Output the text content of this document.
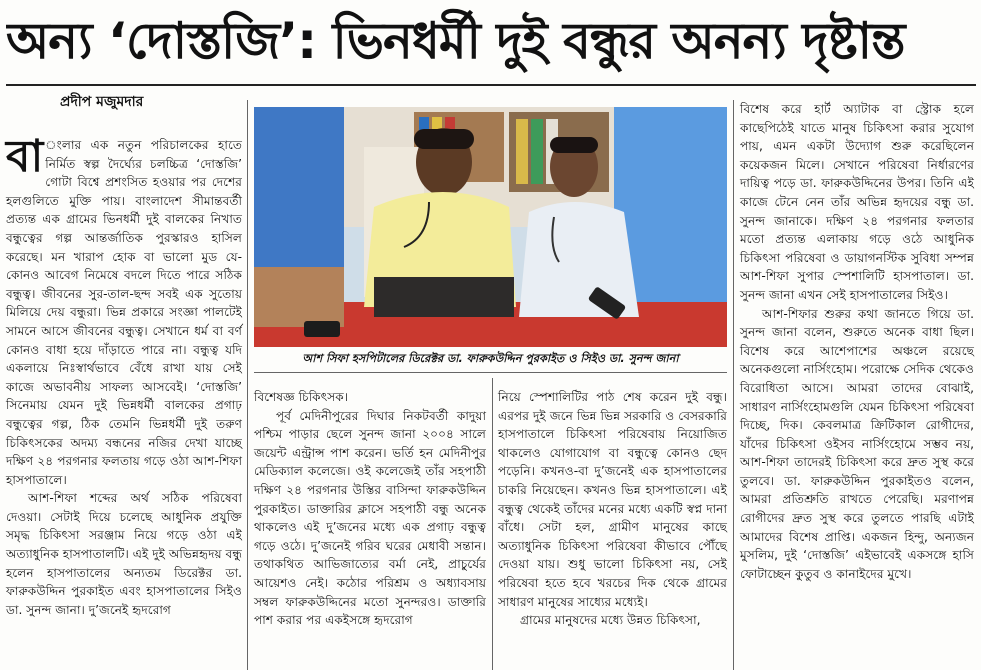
অন্য ‘দোস্তজি’: ভিনধর্মী দুই বন্ধুর অনন্য দৃষ্টান্ত
প্রদীপ মজুমদার
বা ংলার এক নতুন পরিচালকের হাতে নির্মিত স্বল্প দৈর্ঘ্যের চলচ্চিত্র ‘দোস্তজি’ গোটা বিশ্বে প্রশংসিত হওয়ার পর দেশের হলগুলিতে মুক্তি পায়। বাংলাদেশ সীমান্তবর্তী প্রত্যন্ত এক গ্রামের ভিনধর্মী দুই বালকের নিখাত বন্ধুত্বের গল্প আন্তর্জাতিক পুরস্কারও হাসিল করেছে। মন খারাপ হোক বা ভালো মুড যে-কোনও আবেগ নিমেষে বদলে দিতে পারে সঠিক বন্ধুত্ব। জীবনের সুর-তাল-ছন্দ সবই এক সুতোয় মিলিয়ে দেয় বন্ধুরা। ভিন্ন প্রকারে সংজ্ঞা পালটেই সামনে আসে জীবনের বন্ধুত্ব। সেখানে ধর্ম বা বর্ণ কোনও বাধা হয়ে দাঁড়াতে পারে না। বন্ধুত্ব যদি একলায়ে নিঃস্বার্থভাবে বেঁধে রাখা যায় সেই কাজে অভাবনীয় সাফল্য আসবেই। ‘দোস্তজি’ সিনেমায় যেমন দুই ভিন্নধর্মী বালকের প্রগাঢ় বন্ধুত্বের গল্প, ঠিক তেমনি ভিন্নধর্মী দুই তরুণ চিকিৎসকের অদম্য বন্ধনের নজির দেখা যাচ্ছে দক্ষিণ ২৪ পরগনার ফলতায় গড়ে ওঠা আশ-শিফা হাসপাতালে।

আশ-শিফা শব্দের অর্থ সঠিক পরিষেবা দেওয়া। সেটাই দিয়ে চলেছে আধুনিক প্রযুক্তি সমৃদ্ধ চিকিৎসা সরঞ্জাম নিয়ে গড়ে ওঠা এই অত্যাধুনিক হাসপাতালটি। এই দুই অভিন্নহৃদয় বন্ধু হলেন হাসপাতালের অন্যতম ডিরেক্টর ডা. ফারুকউদ্দিন পুরকাইত এবং হাসপাতালের সিইও ডা. সুনন্দ জানা। দু’জনেই হৃদরোগ

আশ সিফা হসপিটালের ডিরেক্টর ডা. ফারুকউদ্দিন পুরকাইত ও সিইও ডা. সুনন্দ জানা

বিশেষজ্ঞ চিকিৎসক।

পূর্ব মেদিনীপুরের দিঘার নিকটবর্তী কাদুয়া পশ্চিম পাড়ার ছেলে সুনন্দ জানা ২০০৪ সালে জয়েন্ট এন্ট্রান্স পাশ করেন। ভর্তি হন মেদিনীপুর মেডিক্যাল কলেজে। ওই কলেজেই তাঁর সহপাঠী দক্ষিণ ২৪ পরগনার উস্তির বাসিন্দা ফারুকউদ্দিন পুরকাইত। ডাক্তারির ক্লাসে সহপাঠী বন্ধু অনেক থাকলেও এই দু’জনের মধ্যে এক প্রগাঢ় বন্ধুত্ব গড়ে ওঠে। দু’জনেই গরিব ঘরের মেধাবী সন্তান। তথাকথিত আভিজাত্যের বর্মা নেই, প্রাচুর্যের আয়েশও নেই। কঠোর পরিশ্রম ও অধ্যাবসায় সম্বল ফারুকউদ্দিনের মতো সুনন্দরও। ডাক্তারি পাশ করার পর একইসঙ্গে হৃদরোগ

নিয়ে স্পেশালিটির পাঠ শেষ করেন দুই বন্ধু। এরপর দুই জনে ভিন্ন ভিন্ন সরকারি ও বেসরকারি হাসপাতালে চিকিৎসা পরিষেবায় নিয়োজিত থাকলেও যোগাযোগ বা বন্ধুত্বে কোনও ছেদ পড়েনি। কখনও-বা দু’জনেই এক হাসপাতালের চাকরি নিয়েছেন। কখনও ভিন্ন হাসপাতালে। এই বন্ধুত্ব থেকেই তাঁদের মনের মধ্যে একটি স্বপ্ন দানা বাঁধে। সেটা হল, গ্রামীণ মানুষের কাছে অত্যাধুনিক চিকিৎসা পরিষেবা কীভাবে পৌঁছে দেওয়া যায়। শুধু ভালো চিকিৎসা নয়, সেই পরিষেবা হতে হবে খরচের দিক থেকে গ্রামের সাধারণ মানুষের সাধ্যের মধ্যেই।

গ্রামের মানুষদের মধ্যে উন্নত চিকিৎসা,

বিশেষ করে হার্ট অ্যাটাক বা স্ট্রোক হলে কাছেপিঠেই যাতে মানুষ চিকিৎসা করার সুযোগ পায়, এমন একটা উদ্যোগ শুরু করেছিলেন কয়েকজন মিলে। সেখানে পরিষেবা নির্ধারণের দায়িত্ব পড়ে ডা. ফারুকউদ্দিনের উপর। তিনি এই কাজে টেনে নেন তাঁর অভিন্ন হৃদয়ের বন্ধু ডা. সুনন্দ জানাকে। দক্ষিণ ২৪ পরগনার ফলতার মতো প্রত্যন্ত এলাকায় গড়ে ওঠে আধুনিক চিকিৎসা পরিষেবা ও ডায়াগনস্টিক সুবিধা সম্পন্ন আশ-শিফা সুপার স্পেশালিটি হাসপাতাল। ডা. সুনন্দ জানা এখন সেই হাসপাতালের সিইও।

আশ-শিফার শুরুর কথা জানতে গিয়ে ডা. সুনন্দ জানা বলেন, শুরুতে অনেক বাধা ছিল। বিশেষ করে আশেপাশের অঞ্চলে রয়েছে অনেকগুলো নার্সিংহোম। পরোক্ষে সেদিক থেকেও বিরোধিতা আসে। আমরা তাদের বোঝাই, সাধারণ নার্সিংহোমগুলি যেমন চিকিৎসা পরিষেবা দিচ্ছে, দিক। কেবলমাত্র ক্রিটিকাল রোগীদের, যাঁদের চিকিৎসা ওইসব নার্সিংহোমে সম্ভব নয়, আশ-শিফা তাদেরই চিকিৎসা করে দ্রুত সুস্থ করে তুলবে। ডা. ফারুকউদ্দিন পুরকাইতও বলেন, আমরা প্রতিশ্রুতি রাখতে পেরেছি। মরণাপন্ন রোগীদের দ্রুত সুস্থ করে তুলতে পারছি এটাই আমাদের বিশেষ প্রাপ্তি। একজন হিন্দু, অন্যজন মুসলিম, দুই ‘দোস্তজি’ এইভাবেই একসঙ্গে হাসি ফোটাচ্ছেন কুতুব ও কানাইদের মুখে।
